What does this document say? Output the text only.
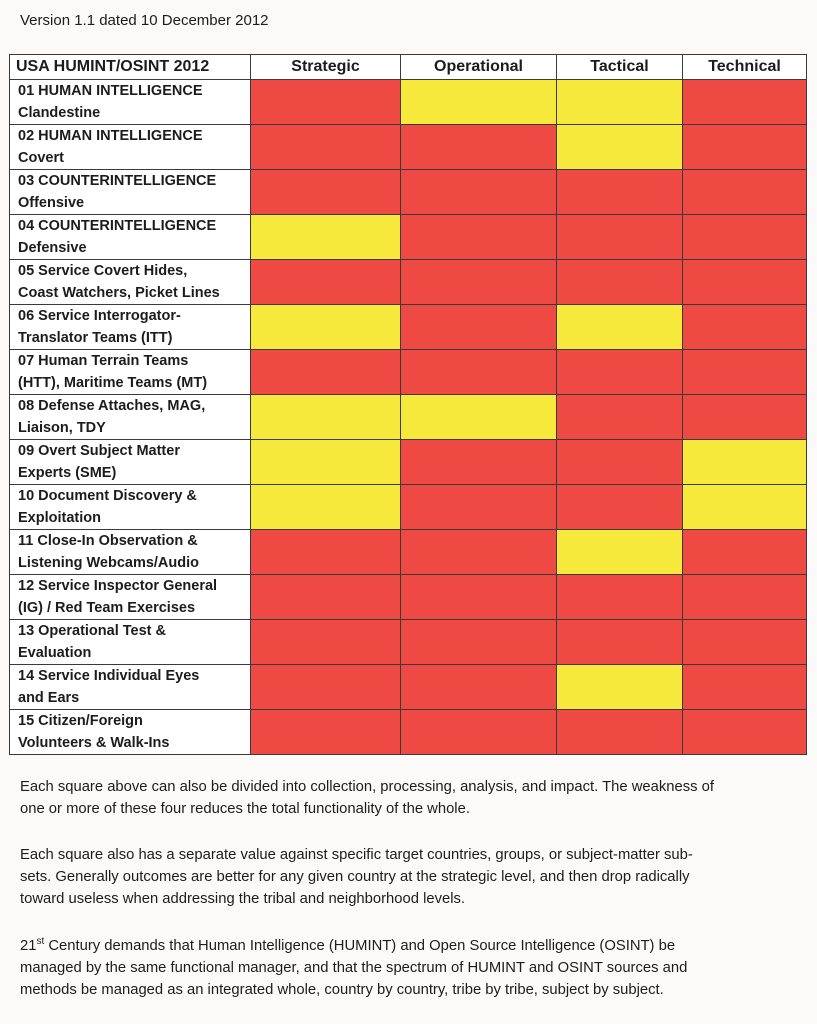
Version 1.1 dated 10 December 2012
USA HUMINT/OSINT 2012	Strategic	Operational	Tactical	Technical

01 HUMAN INTELLIGENCE
Clandestine				

02 HUMAN INTELLIGENCE
Covert				

03 COUNTERINTELLIGENCE
Offensive				

04 COUNTERINTELLIGENCE
Defensive				

05 Service Covert Hides,
Coast Watchers, Picket Lines				

06 Service Interrogator-
Translator Teams (ITT)				

07 Human Terrain Teams
(HTT), Maritime Teams (MT)				

08 Defense Attaches, MAG,
Liaison, TDY				

09 Overt Subject Matter
Experts (SME)				

10 Document Discovery &
Exploitation				

11 Close-In Observation &
Listening Webcams/Audio				

12 Service Inspector General
(IG) / Red Team Exercises				

13 Operational Test &
Evaluation				

14 Service Individual Eyes
and Ears				

15 Citizen/Foreign
Volunteers & Walk-Ins				

Each square above can also be divided into collection, processing, analysis, and impact. The weakness of
one or more of these four reduces the total functionality of the whole.
Each square also has a separate value against specific target countries, groups, or subject-matter sub-
sets. Generally outcomes are better for any given country at the strategic level, and then drop radically
toward useless when addressing the tribal and neighborhood levels.
21st Century demands that Human Intelligence (HUMINT) and Open Source Intelligence (OSINT) be
managed by the same functional manager, and that the spectrum of HUMINT and OSINT sources and
methods be managed as an integrated whole, country by country, tribe by tribe, subject by subject.
